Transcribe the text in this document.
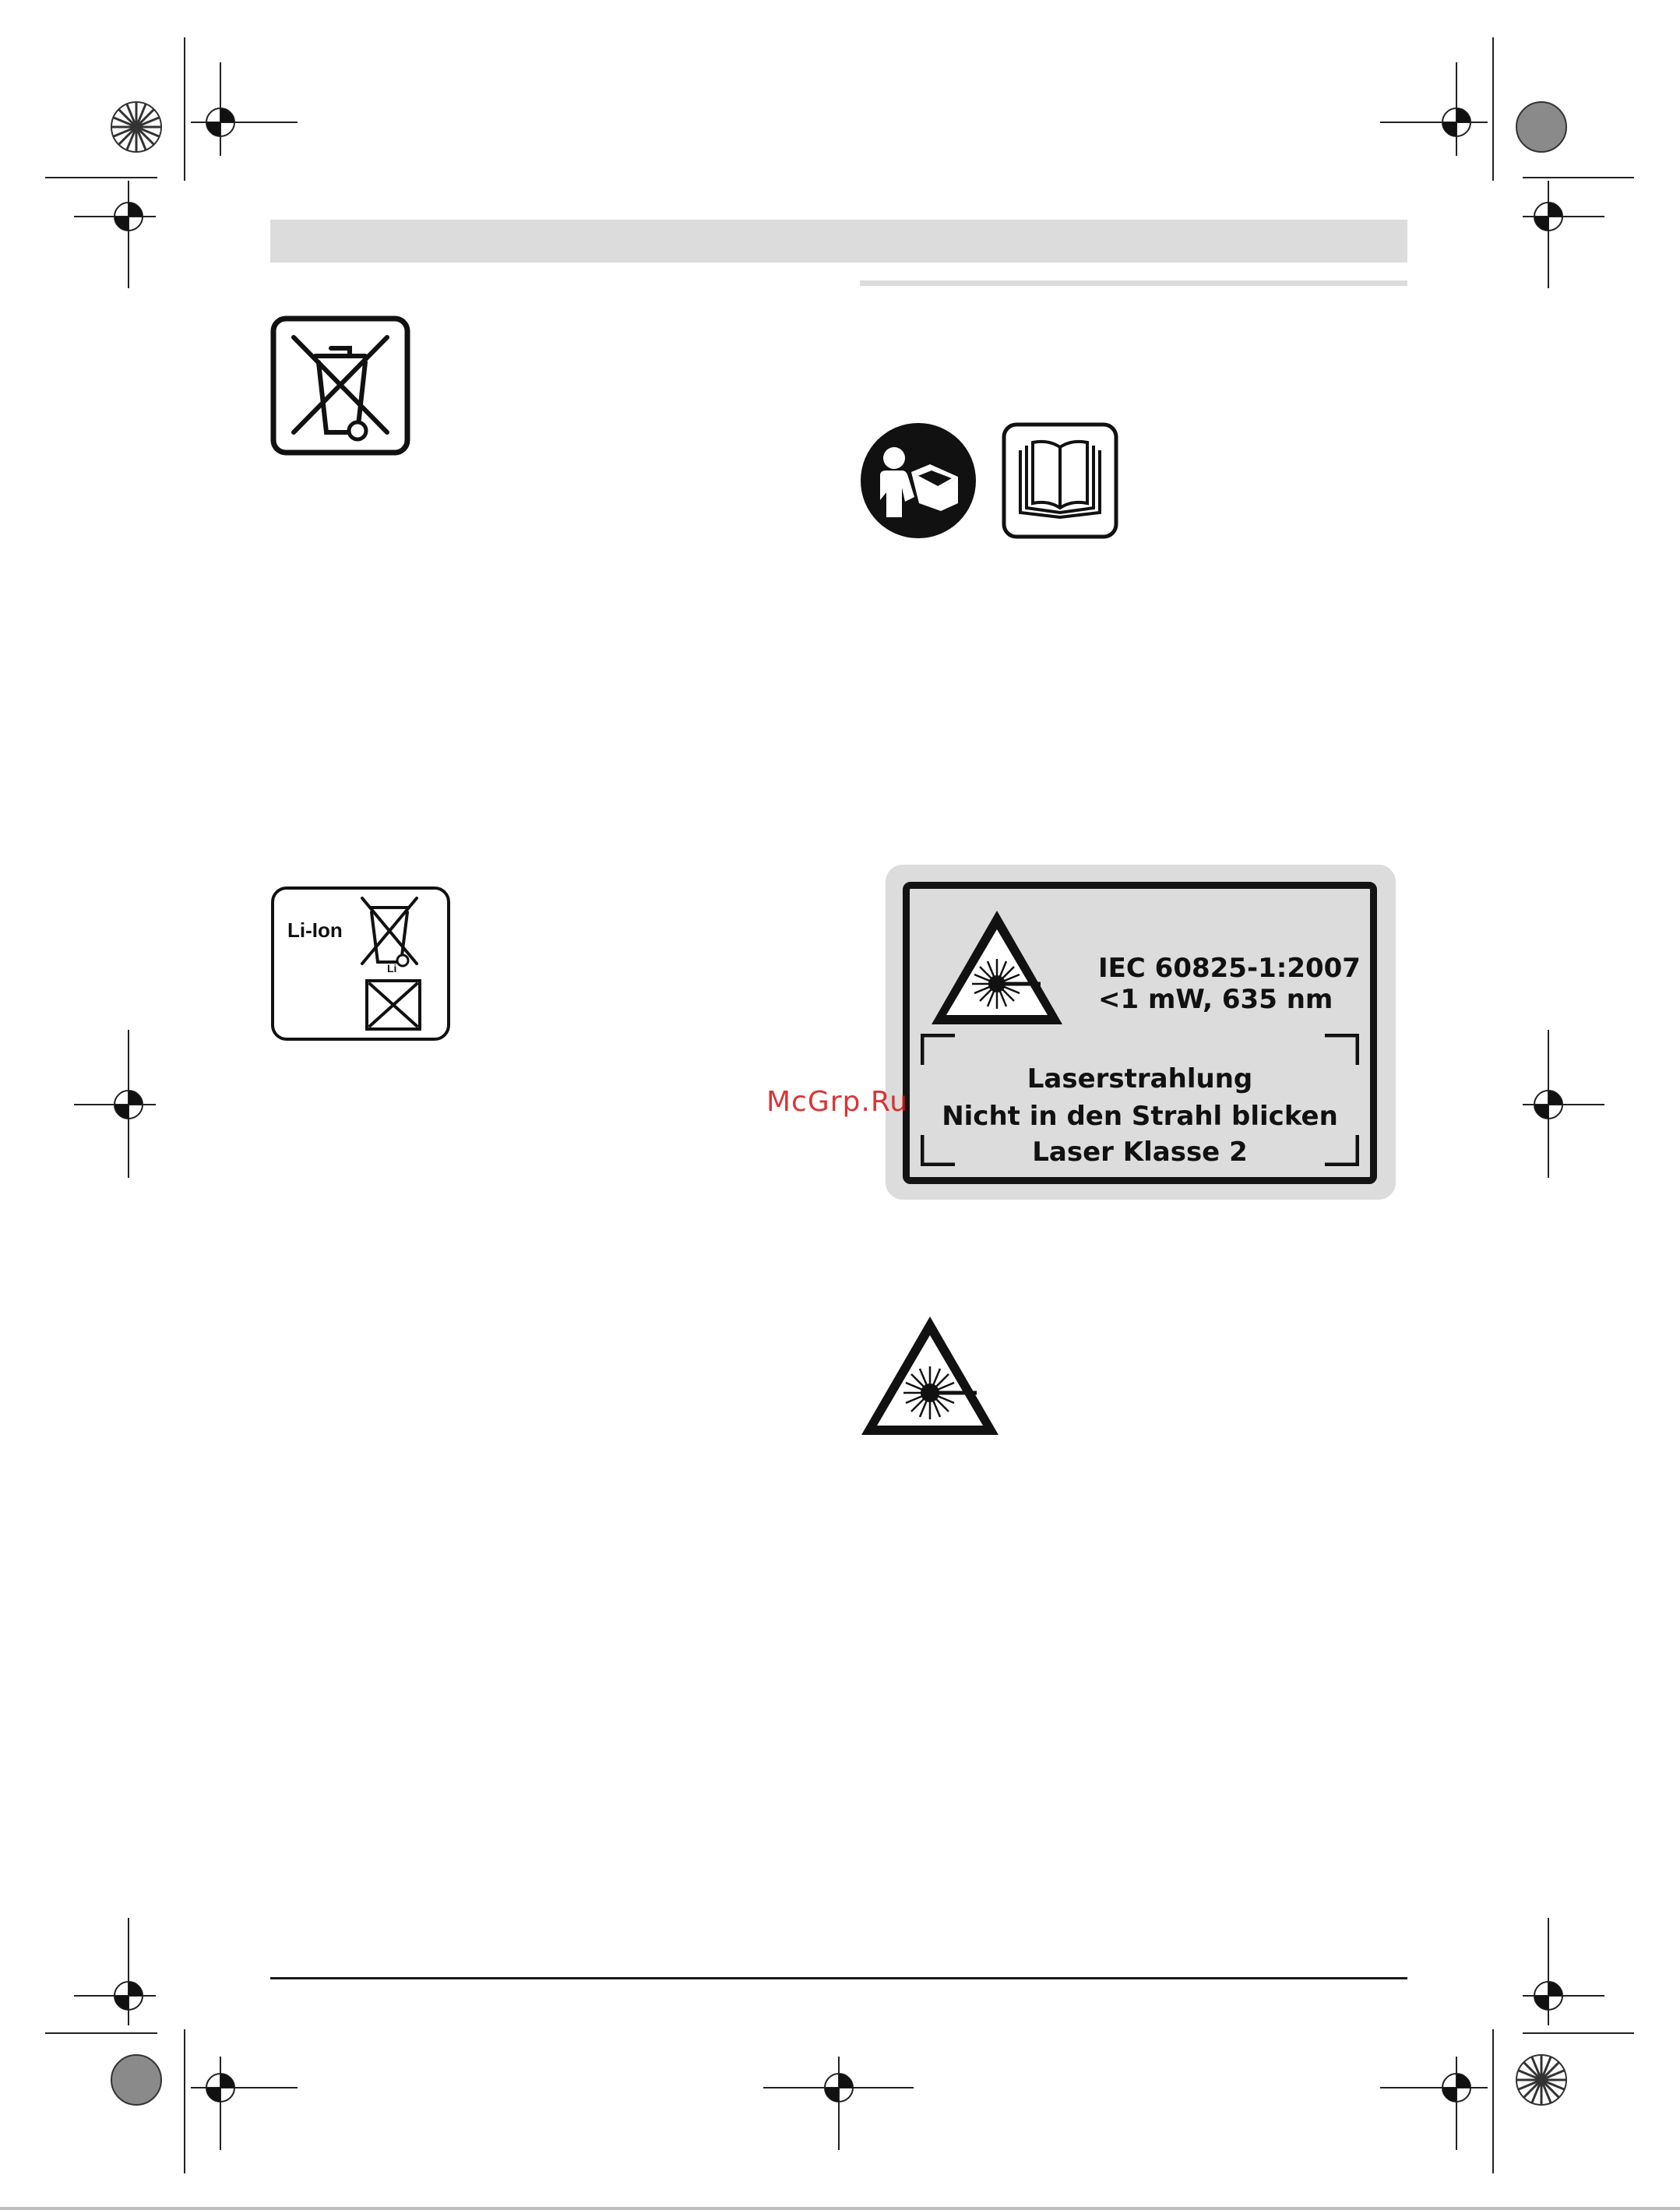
Li-Ion
Li	IEC 60825-1:2007
<1 mW, 635 nm
Laserstrahlung
Nicht in den Strahl blicken
Laser Klasse 2
McGrp.Ru
